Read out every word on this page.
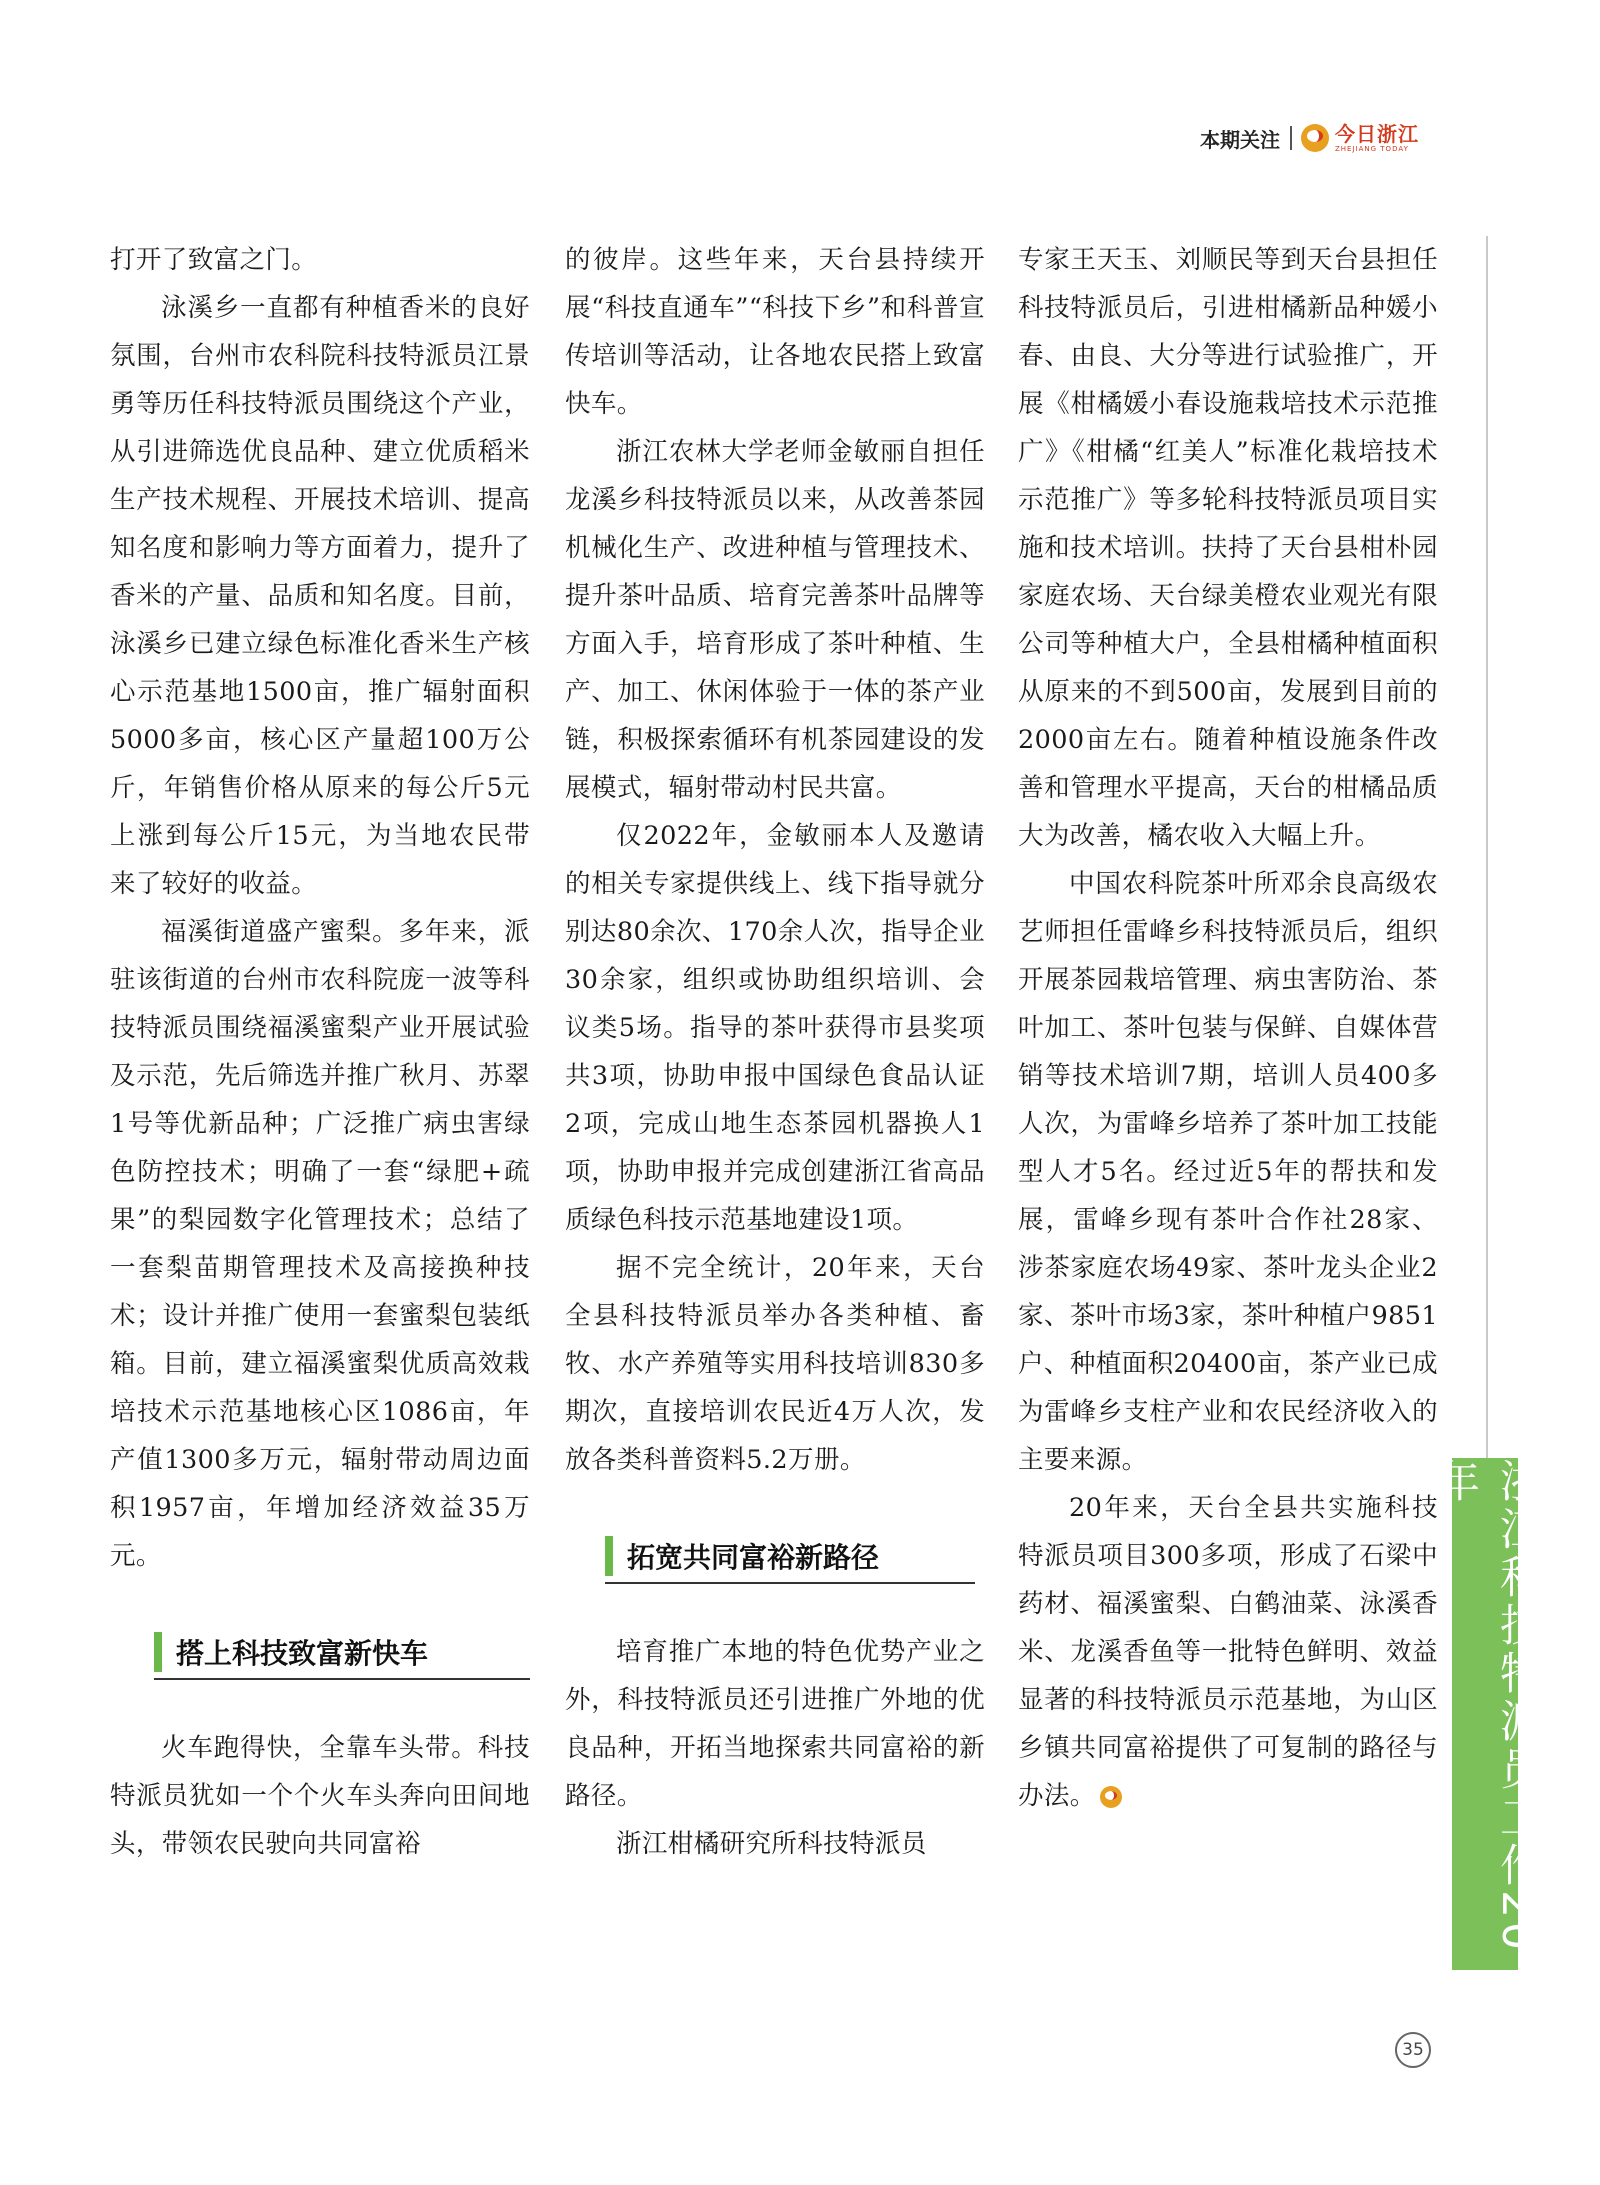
本期关注	今日浙江
ZHEJIANG TODAY

打开了致富之门。

泳溪乡一直都有种植香米的良好氛围，台州市农科院科技特派员江景勇等历任科技特派员围绕这个产业，从引进筛选优良品种、建立优质稻米生产技术规程、开展技术培训、提高知名度和影响力等方面着力，提升了香米的产量、品质和知名度。目前，泳溪乡已建立绿色标准化香米生产核心示范基地1500亩，推广辐射面积5000多亩，核心区产量超100万公斤，年销售价格从原来的每公斤5元上涨到每公斤15元，为当地农民带来了较好的收益。

福溪街道盛产蜜梨。多年来，派驻该街道的台州市农科院庞一波等科技特派员围绕福溪蜜梨产业开展试验及示范，先后筛选并推广秋月、苏翠1号等优新品种；广泛推广病虫害绿色防控技术；明确了一套“绿肥+疏果”的梨园数字化管理技术；总结了一套梨苗期管理技术及高接换种技术；设计并推广使用一套蜜梨包装纸箱。目前，建立福溪蜜梨优质高效栽培技术示范基地核心区1086亩，年产值1300多万元，辐射带动周边面积1957亩，年增加经济效益35万元。

搭上科技致富新快车

火车跑得快，全靠车头带。科技特派员犹如一个个火车头奔向田间地头，带领农民驶向共同富裕

的彼岸。这些年来，天台县持续开展“科技直通车”“科技下乡”和科普宣传培训等活动，让各地农民搭上致富快车。

浙江农林大学老师金敏丽自担任龙溪乡科技特派员以来，从改善茶园机械化生产、改进种植与管理技术、提升茶叶品质、培育完善茶叶品牌等方面入手，培育形成了茶叶种植、生产、加工、休闲体验于一体的茶产业链，积极探索循环有机茶园建设的发展模式，辐射带动村民共富。

仅2022年，金敏丽本人及邀请的相关专家提供线上、线下指导就分别达80余次、170余人次，指导企业30余家，组织或协助组织培训、会议类5场。指导的茶叶获得市县奖项共3项，协助申报中国绿色食品认证2项，完成山地生态茶园机器换人1项，协助申报并完成创建浙江省高品质绿色科技示范基地建设1项。

据不完全统计，20年来，天台全县科技特派员举办各类种植、畜牧、水产养殖等实用科技培训830多期次，直接培训农民近4万人次，发放各类科普资料5.2万册。

拓宽共同富裕新路径

培育推广本地的特色优势产业之外，科技特派员还引进推广外地的优良品种，开拓当地探索共同富裕的新路径。

浙江柑橘研究所科技特派员

专家王天玉、刘顺民等到天台县担任科技特派员后，引进柑橘新品种媛小春、由良、大分等进行试验推广，开展《柑橘媛小春设施栽培技术示范推广》《柑橘“红美人”标准化栽培技术示范推广》等多轮科技特派员项目实施和技术培训。扶持了天台县柑朴园家庭农场、天台绿美橙农业观光有限公司等种植大户，全县柑橘种植面积从原来的不到500亩，发展到目前的2000亩左右。随着种植设施条件改善和管理水平提高，天台的柑橘品质大为改善，橘农收入大幅上升。

中国农科院茶叶所邓余良高级农艺师担任雷峰乡科技特派员后，组织开展茶园栽培管理、病虫害防治、茶叶加工、茶叶包装与保鲜、自媒体营销等技术培训7期，培训人员400多人次，为雷峰乡培养了茶叶加工技能型人才5名。经过近5年的帮扶和发展，雷峰乡现有茶叶合作社28家、涉茶家庭农场49家、茶叶龙头企业2家、茶叶市场3家，茶叶种植户9851户、种植面积20400亩，茶产业已成为雷峰乡支柱产业和农民经济收入的主要来源。

20年来，天台全县共实施科技特派员项目300多项，形成了石梁中药材、福溪蜜梨、白鹤油菜、泳溪香米、龙溪香鱼等一批特色鲜明、效益显著的科技特派员示范基地，为山区乡镇共同富裕提供了可复制的路径与办法。	浙江科技特派员工作20年
35
